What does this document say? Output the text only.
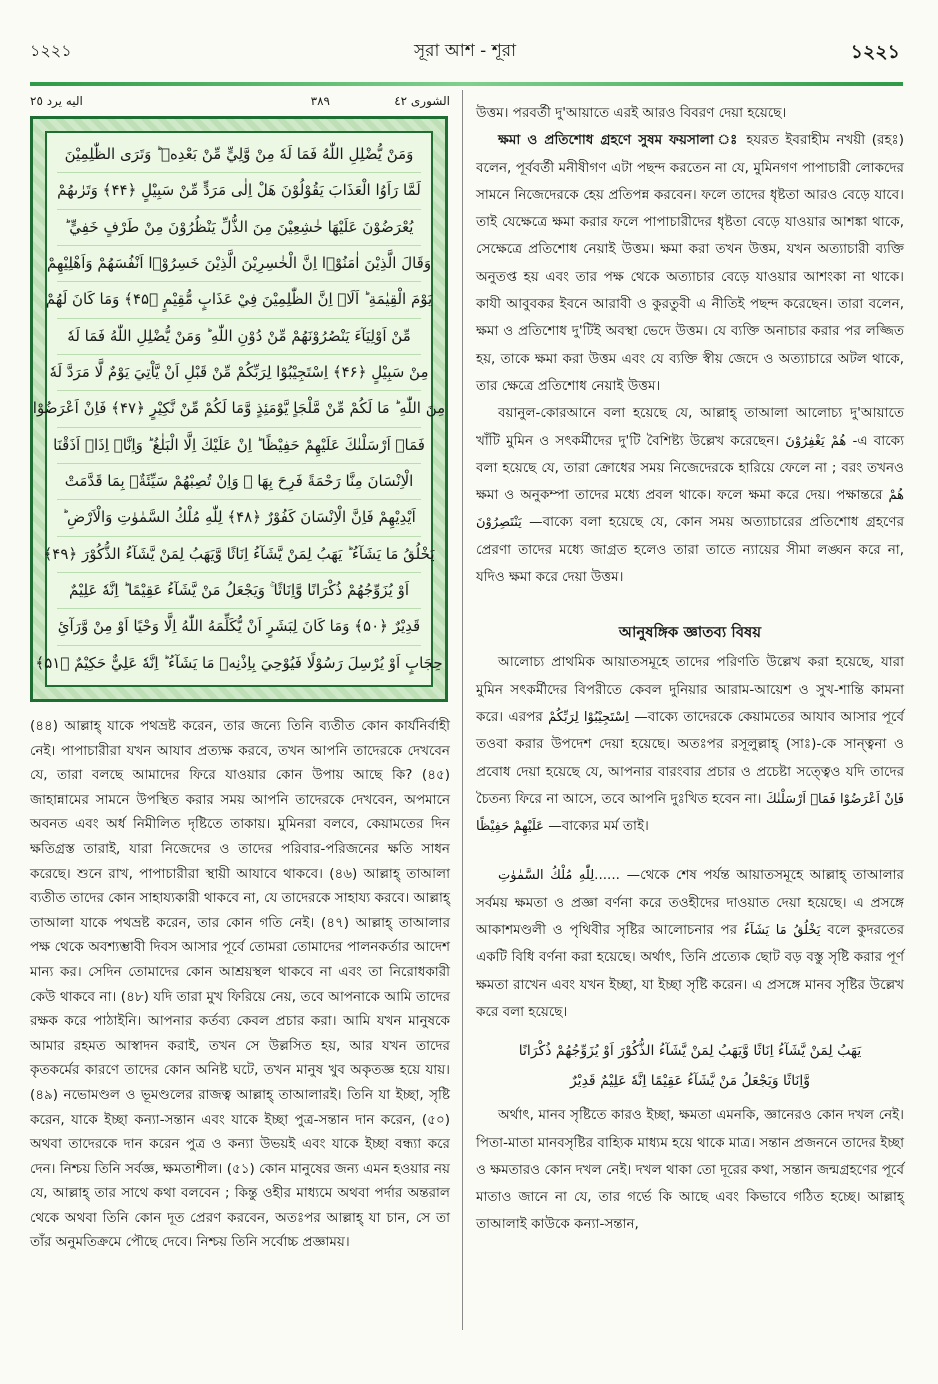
১২২১	সূরা আশ - শূরা	১২২১
الشورى ٤٢
٣٨٩
اليه يرد ٢٥
وَمَنْ يُّضْلِلِ اللّٰهُ فَمَا لَهٗ مِنْ وَّلِيٍّ مِّنْ بَعْدِهٖ ؕ وَتَرَى الظّٰلِمِيْنَ
لَمَّا رَاَوُا الْعَذَابَ يَقُوْلُوْنَ هَلْ اِلٰى مَرَدٍّ مِّنْ سَبِيْلٍ ﴿۴۴﴾ وَتَرٰىهُمْ
يُعْرَضُوْنَ عَلَيْهَا خٰشِعِيْنَ مِنَ الذُّلِّ يَنْظُرُوْنَ مِنْ طَرْفٍ خَفِيٍّ ؕ
وَقَالَ الَّذِيْنَ اٰمَنُوْۤا اِنَّ الْخٰسِرِيْنَ الَّذِيْنَ خَسِرُوْۤا اَنْفُسَهُمْ وَاَهْلِيْهِمْ
يَوْمَ الْقِيٰمَةِ ؕ اَلَاۤ اِنَّ الظّٰلِمِيْنَ فِيْ عَذَابٍ مُّقِيْمٍ ﴿۴۵﴾ وَمَا كَانَ لَهُمْ
مِّنْ اَوْلِيَآءَ يَنْصُرُوْنَهُمْ مِّنْ دُوْنِ اللّٰهِ ؕ وَمَنْ يُّضْلِلِ اللّٰهُ فَمَا لَهٗ
مِنْ سَبِيْلٍ ﴿۴۶﴾ اِسْتَجِيْبُوْا لِرَبِّكُمْ مِّنْ قَبْلِ اَنْ يَّاْتِيَ يَوْمٌ لَّا مَرَدَّ لَهٗ
مِنَ اللّٰهِ ؕ مَا لَكُمْ مِّنْ مَّلْجَاٍ يَّوْمَئِذٍ وَّمَا لَكُمْ مِّنْ نَّكِيْرٍ ﴿۴۷﴾ فَاِنْ اَعْرَضُوْا
فَمَاۤ اَرْسَلْنٰكَ عَلَيْهِمْ حَفِيْظًا ؕ اِنْ عَلَيْكَ اِلَّا الْبَلٰغُ ؕ وَاِنَّاۤ اِذَاۤ اَذَقْنَا
الْاِنْسَانَ مِنَّا رَحْمَةً فَرِحَ بِهَا ۚ وَاِنْ تُصِبْهُمْ سَيِّئَةٌۢ بِمَا قَدَّمَتْ
اَيْدِيْهِمْ فَاِنَّ الْاِنْسَانَ كَفُوْرٌ ﴿۴۸﴾ لِلّٰهِ مُلْكُ السَّمٰوٰتِ وَالْاَرْضِ ؕ
يَخْلُقُ مَا يَشَآءُ ؕ يَهَبُ لِمَنْ يَّشَآءُ اِنَاثًا وَّيَهَبُ لِمَنْ يَّشَآءُ الذُّكُوْرَ ﴿۴۹﴾
اَوْ يُزَوِّجُهُمْ ذُكْرَانًا وَّاِنَاثًا ۚ وَيَجْعَلُ مَنْ يَّشَآءُ عَقِيْمًا ؕ اِنَّهٗ عَلِيْمٌ
قَدِيْرٌ ﴿۵۰﴾ وَمَا كَانَ لِبَشَرٍ اَنْ يُّكَلِّمَهُ اللّٰهُ اِلَّا وَحْيًا اَوْ مِنْ وَّرَآئِ
حِجَابٍ اَوْ يُرْسِلَ رَسُوْلًا فَيُوْحِيَ بِاِذْنِهٖ مَا يَشَآءُ ؕ اِنَّهٗ عَلِيٌّ حَكِيْمٌ ﴿۵۱﴾
(৪৪) আল্লাহ্ যাকে পথভ্রষ্ট করেন, তার জন্যে তিনি ব্যতীত কোন কার্যনির্বাহী নেই। পাপাচারীরা যখন আযাব প্রত্যক্ষ করবে, তখন আপনি তাদেরকে দেখবেন যে, তারা বলছে আমাদের ফিরে যাওয়ার কোন উপায় আছে কি? (৪৫) জাহান্নামের সামনে উপস্থিত করার সময় আপনি তাদেরকে দেখবেন, অপমানে অবনত এবং অর্ধ নিমীলিত দৃষ্টিতে তাকায়। মুমিনরা বলবে, কেয়ামতের দিন ক্ষতিগ্রস্ত তারাই, যারা নিজেদের ও তাদের পরিবার-পরিজনের ক্ষতি সাধন করেছে। শুনে রাখ, পাপাচারীরা স্থায়ী আযাবে থাকবে। (৪৬) আল্লাহ্ তাআলা ব্যতীত তাদের কোন সাহায্যকারী থাকবে না, যে তাদেরকে সাহায্য করবে। আল্লাহ্ তাআলা যাকে পথভ্রষ্ট করেন, তার কোন গতি নেই। (৪৭) আল্লাহ্ তাআলার পক্ষ থেকে অবশ্যম্ভাবী দিবস আসার পূর্বে তোমরা তোমাদের পালনকর্তার আদেশ মান্য কর। সেদিন তোমাদের কোন আশ্রয়স্থল থাকবে না এবং তা নিরোধকারী কেউ থাকবে না। (৪৮) যদি তারা মুখ ফিরিয়ে নেয়, তবে আপনাকে আমি তাদের রক্ষক করে পাঠাইনি। আপনার কর্তব্য কেবল প্রচার করা। আমি যখন মানুষকে আমার রহমত আস্বাদন করাই, তখন সে উল্লসিত হয়, আর যখন তাদের কৃতকর্মের কারণে তাদের কোন অনিষ্ট ঘটে, তখন মানুষ খুব অকৃতজ্ঞ হয়ে যায়। (৪৯) নভোমণ্ডল ও ভূমণ্ডলের রাজত্ব আল্লাহ্ তাআলারই। তিনি যা ইচ্ছা, সৃষ্টি করেন, যাকে ইচ্ছা কন্যা-সন্তান এবং যাকে ইচ্ছা পুত্র-সন্তান দান করেন, (৫০) অথবা তাদেরকে দান করেন পুত্র ও কন্যা উভয়ই এবং যাকে ইচ্ছা বন্ধ্যা করে দেন। নিশ্চয় তিনি সর্বজ্ঞ, ক্ষমতাশীল। (৫১) কোন মানুষের জন্য এমন হওয়ার নয় যে, আল্লাহ্ তার সাথে কথা বলবেন ; কিন্তু ওহীর মাধ্যমে অথবা পর্দার অন্তরাল থেকে অথবা তিনি কোন দূত প্রেরণ করবেন, অতঃপর আল্লাহ্ যা চান, সে তা তাঁর অনুমতিক্রমে পৌছে দেবে। নিশ্চয় তিনি সর্বোচ্চ প্রজ্ঞাময়।

উত্তম। পরবর্তী দু'আয়াতে এরই আরও বিবরণ দেয়া হয়েছে।

ক্ষমা ও প্রতিশোধ গ্রহণে সুষম ফয়সালা ঃ হযরত ইবরাহীম নখয়ী (রহঃ) বলেন, পূর্ববর্তী মনীষীগণ এটা পছন্দ করতেন না যে, মুমিনগণ পাপাচারী লোকদের সামনে নিজেদেরকে হেয় প্রতিপন্ন করবেন। ফলে তাদের ধৃষ্টতা আরও বেড়ে যাবে। তাই যেক্ষেত্রে ক্ষমা করার ফলে পাপাচারীদের ধৃষ্টতা বেড়ে যাওয়ার আশঙ্কা থাকে, সেক্ষেত্রে প্রতিশোধ নেয়াই উত্তম। ক্ষমা করা তখন উত্তম, যখন অত্যাচারী ব্যক্তি অনুতপ্ত হয় এবং তার পক্ষ থেকে অত্যাচার বেড়ে যাওয়ার আশংকা না থাকে। কাযী আবুবকর ইবনে আরাবী ও কুরতুবী এ নীতিই পছন্দ করেছেন। তারা বলেন, ক্ষমা ও প্রতিশোধ দু'টিই অবস্থা ভেদে উত্তম। যে ব্যক্তি অনাচার করার পর লজ্জিত হয়, তাকে ক্ষমা করা উত্তম এবং যে ব্যক্তি স্বীয় জেদে ও অত্যাচারে অটল থাকে, তার ক্ষেত্রে প্রতিশোধ নেয়াই উত্তম।

বয়ানুল-কোরআনে বলা হয়েছে যে, আল্লাহ্ তাআলা আলোচ্য দু'আয়াতে খাঁটি মুমিন ও সৎকর্মীদের দু'টি বৈশিষ্ট্য উল্লেখ করেছেন। هُمْ يَغْفِرُوْنَ -এ বাক্যে বলা হয়েছে যে, তারা ক্রোধের সময় নিজেদেরকে হারিয়ে ফেলে না ; বরং তখনও ক্ষমা ও অনুকম্পা তাদের মধ্যে প্রবল থাকে। ফলে ক্ষমা করে দেয়। পক্ষান্তরে هُمْ يَنْتَصِرُوْنَ —বাক্যে বলা হয়েছে যে, কোন সময় অত্যাচারের প্রতিশোধ গ্রহণের প্রেরণা তাদের মধ্যে জাগ্রত হলেও তারা তাতে ন্যায়ের সীমা লঙ্ঘন করে না, যদিও ক্ষমা করে দেয়া উত্তম।

আনুষঙ্গিক জ্ঞাতব্য বিষয়

আলোচ্য প্রাথমিক আয়াতসমূহে তাদের পরিণতি উল্লেখ করা হয়েছে, যারা মুমিন সৎকর্মীদের বিপরীতে কেবল দুনিয়ার আরাম-আয়েশ ও সুখ-শান্তি কামনা করে। এরপর اِسْتَجِيْبُوْا لِرَبِّكُمْ —বাক্যে তাদেরকে কেয়ামতের আযাব আসার পূর্বে তওবা করার উপদেশ দেয়া হয়েছে। অতঃপর রসূলুল্লাহ্ (সাঃ)-কে সান্ত্বনা ও প্রবোধ দেয়া হয়েছে যে, আপনার বারংবার প্রচার ও প্রচেষ্টা সত্ত্বেও যদি তাদের চৈতন্য ফিরে না আসে, তবে আপনি দুঃখিত হবেন না। فَاِنْ اَعْرَضُوْا فَمَاۤ اَرْسَلْنٰكَ عَلَيْهِمْ حَفِيْظًا —বাক্যের মর্ম তাই।

لِلّٰهِ مُلْكُ السَّمٰوٰتِ...... —থেকে শেষ পর্যন্ত আয়াতসমূহে আল্লাহ্ তাআলার সর্বময় ক্ষমতা ও প্রজ্ঞা বর্ণনা করে তওহীদের দাওয়াত দেয়া হয়েছে। এ প্রসঙ্গে আকাশমণ্ডলী ও পৃথিবীর সৃষ্টির আলোচনার পর يَخْلُقُ مَا يَشَآءُ বলে কুদরতের একটি বিধি বর্ণনা করা হয়েছে। অর্থাৎ, তিনি প্রত্যেক ছোট বড় বস্তু সৃষ্টি করার পূর্ণ ক্ষমতা রাখেন এবং যখন ইচ্ছা, যা ইচ্ছা সৃষ্টি করেন। এ প্রসঙ্গে মানব সৃষ্টির উল্লেখ করে বলা হয়েছে।

يَهَبُ لِمَنْ يَّشَآءُ اِنَاثًا وَّيَهَبُ لِمَنْ يَّشَآءُ الذُّكُوْرَ اَوْ يُزَوِّجُهُمْ ذُكْرَانًا
وَّاِنَاثًا وَيَجْعَلُ مَنْ يَّشَآءُ عَقِيْمًا اِنَّهٗ عَلِيْمٌ قَدِيْرٌ

অর্থাৎ, মানব সৃষ্টিতে কারও ইচ্ছা, ক্ষমতা এমনকি, জ্ঞানেরও কোন দখল নেই। পিতা-মাতা মানবসৃষ্টির বাহ্যিক মাধ্যম হয়ে থাকে মাত্র। সন্তান প্রজননে তাদের ইচ্ছা ও ক্ষমতারও কোন দখল নেই। দখল থাকা তো দূরের কথা, সন্তান জন্মগ্রহণের পূর্বে মাতাও জানে না যে, তার গর্ভে কি আছে এবং কিভাবে গঠিত হচ্ছে। আল্লাহ্ তাআলাই কাউকে কন্যা-সন্তান,
